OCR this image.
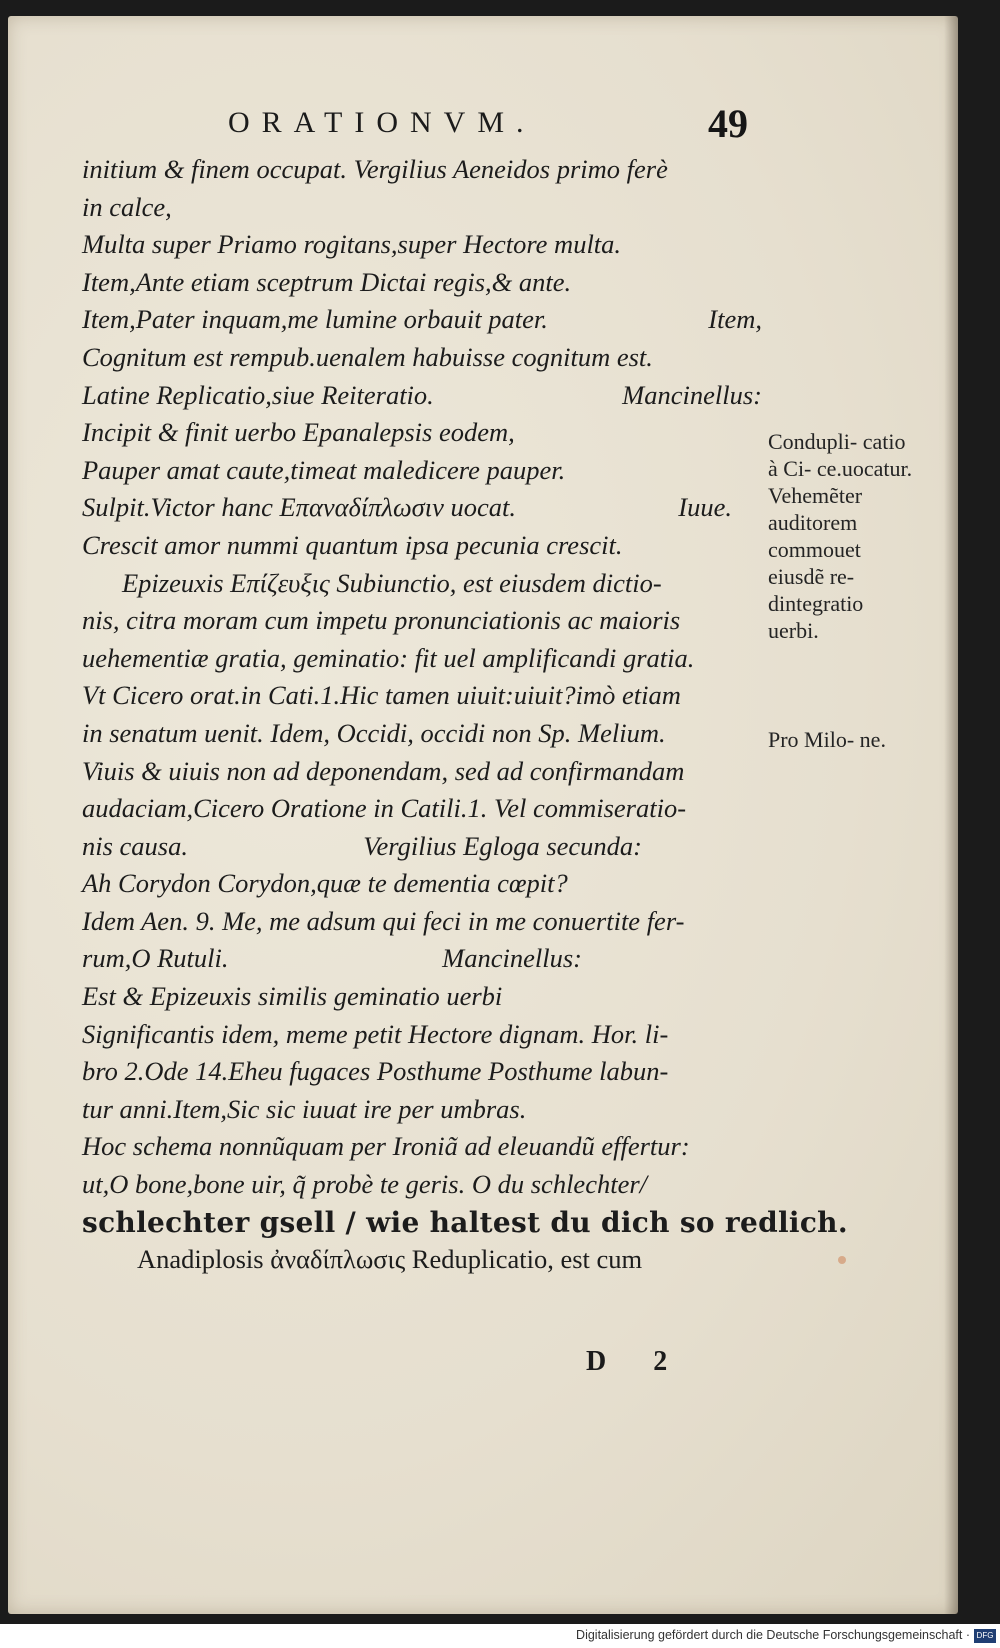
ORATIONVM.	49
initium & finem occupat. Vergilius Aeneidos primo ferè
in calce,
Multa super Priamo rogitans,super Hectore multa.
Item,Ante etiam sceptrum Dictai regis,& ante.
Item,Pater inquam,me lumine orbauit pater.	Item,
Cognitum est rempub.uenalem habuisse cognitum est.
Latine Replicatio,siue Reiteratio.	Mancinellus:
Incipit & finit uerbo Epanalepsis eodem,
Pauper amat caute,timeat maledicere pauper.
Sulpit.Victor hanc Επαναδίπλωσιν uocat.	Iuue.
Crescit amor nummi quantum ipsa pecunia crescit.
Epizeuxis Επίζευξις Subiunctio, est eiusdem dictio-
nis, citra moram cum impetu pronunciationis ac maioris
uehementiæ gratia, geminatio: fit uel amplificandi gratia.
Vt Cicero orat.in Cati.1.Hic tamen uiuit:uiuit?imò etiam
in senatum uenit. Idem, Occidi, occidi non Sp. Melium.
Viuis & uiuis non ad deponendam, sed ad confirmandam
audaciam,Cicero Oratione in Catili.1. Vel commiseratio-
nis causa.	Vergilius Egloga secunda:
Ah Corydon Corydon,quæ te dementia cœpit?
Idem Aen. 9. Me, me adsum qui feci in me conuertite fer-
rum,O Rutuli.	Mancinellus:
Est & Epizeuxis similis geminatio uerbi
Significantis idem, meme petit Hectore dignam. Hor. li-
bro 2.Ode 14.Eheu fugaces Posthume Posthume labun-
tur anni.Item,Sic sic iuuat ire per umbras.
Hoc schema nonnũquam per Ironiã ad eleuandũ effertur:
ut,O bone,bone uir, q̃ probè te geris. O du schlechter/
schlechter gsell / wie haltest du dich so redlich.
Anadiplosis ἀναδίπλωσις Reduplicatio, est cum
Condupli- catio à Ci- ce.uocatur. Vehemẽter auditorem commouet eiusdẽ re- dintegratio uerbi.
Pro Milo- ne.
D 2
Digitalisierung gefördert durch die Deutsche Forschungsgemeinschaft · DFG
